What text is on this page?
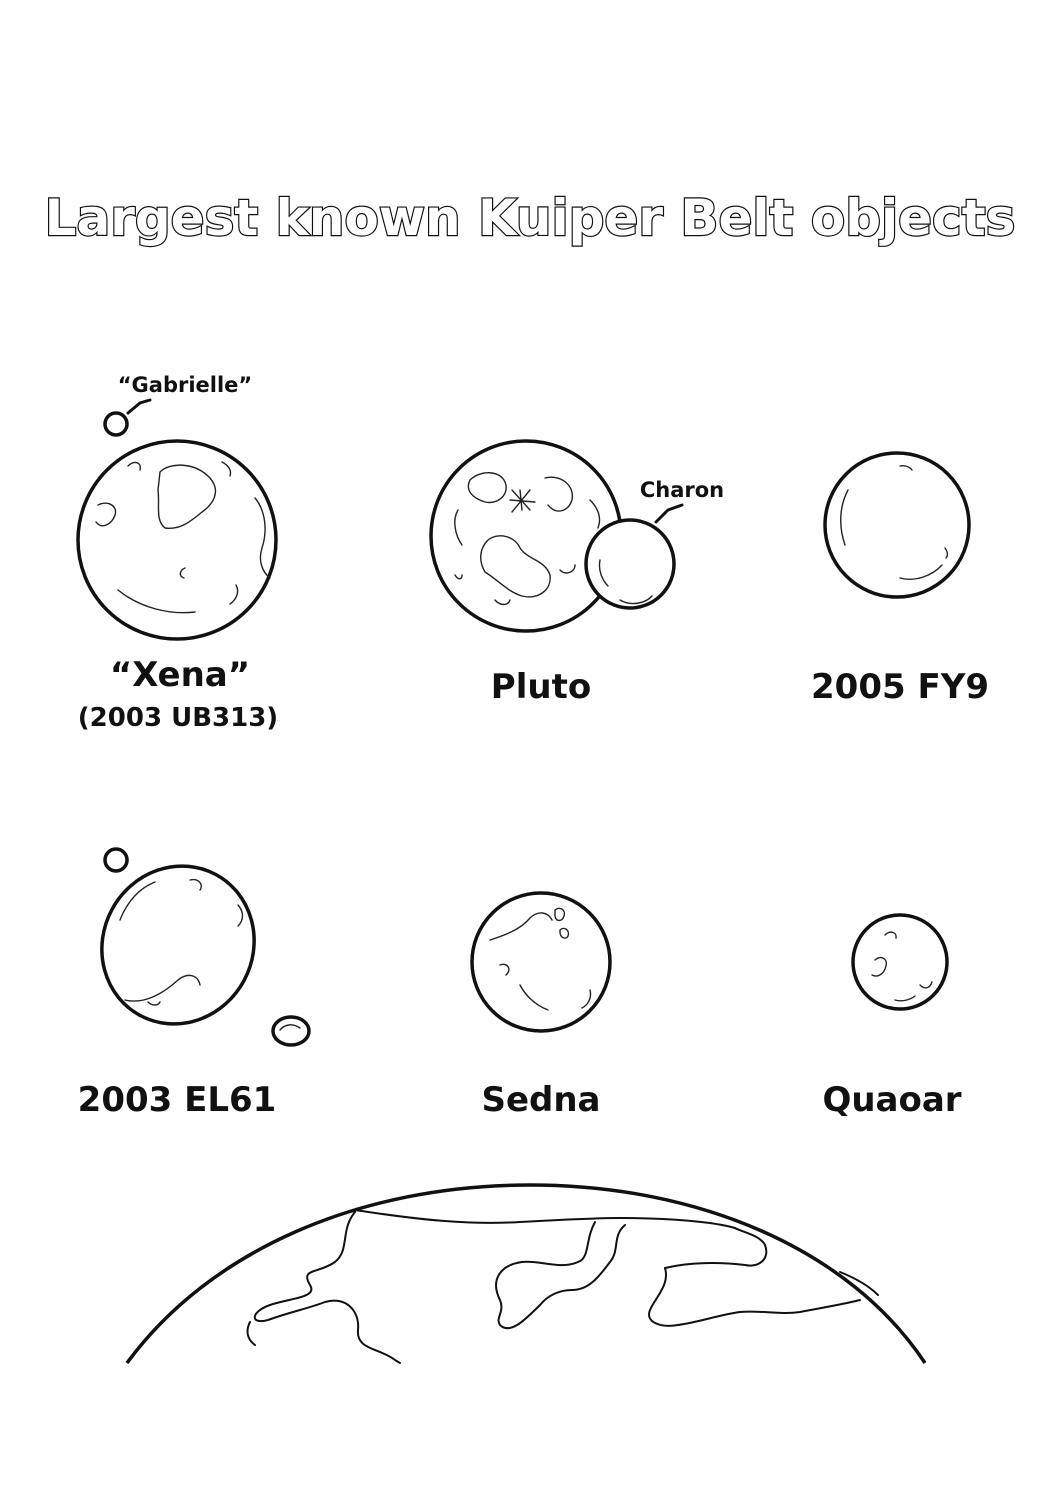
Largest known Kuiper Belt objects
“Gabrielle”
“Xena”
(2003 UB313)
Charon
Pluto	2005 FY9
2003 EL61	Sedna	Quaoar
